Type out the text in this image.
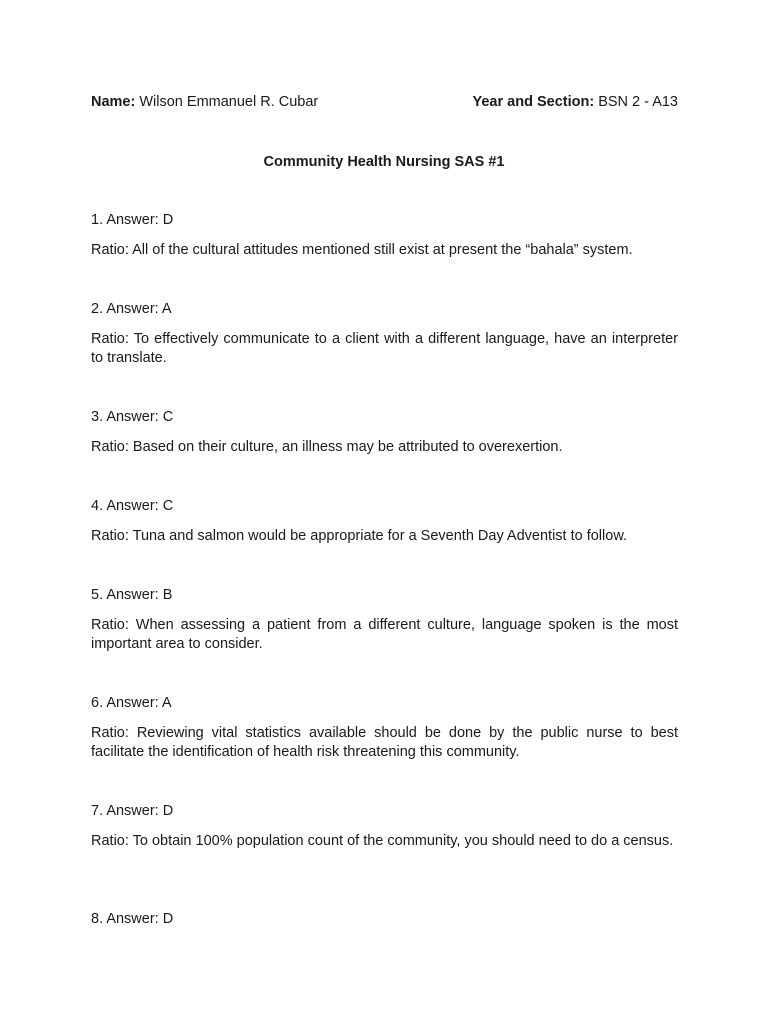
Name: Wilson Emmanuel R. Cubar	Year and Section: BSN 2 - A13
Community Health Nursing SAS #1

1. Answer: D

Ratio: All of the cultural attitudes mentioned still exist at present the “bahala” system.

2. Answer: A

Ratio: To effectively communicate to a client with a different language, have an interpreter to translate.

3. Answer: C

Ratio: Based on their culture, an illness may be attributed to overexertion.

4. Answer: C

Ratio: Tuna and salmon would be appropriate for a Seventh Day Adventist to follow.

5. Answer: B

Ratio: When assessing a patient from a different culture, language spoken is the most important area to consider.

6. Answer: A

Ratio: Reviewing vital statistics available should be done by the public nurse to best facilitate the identification of health risk threatening this community.

7. Answer: D

Ratio: To obtain 100% population count of the community, you should need to do a census.

8. Answer: D
